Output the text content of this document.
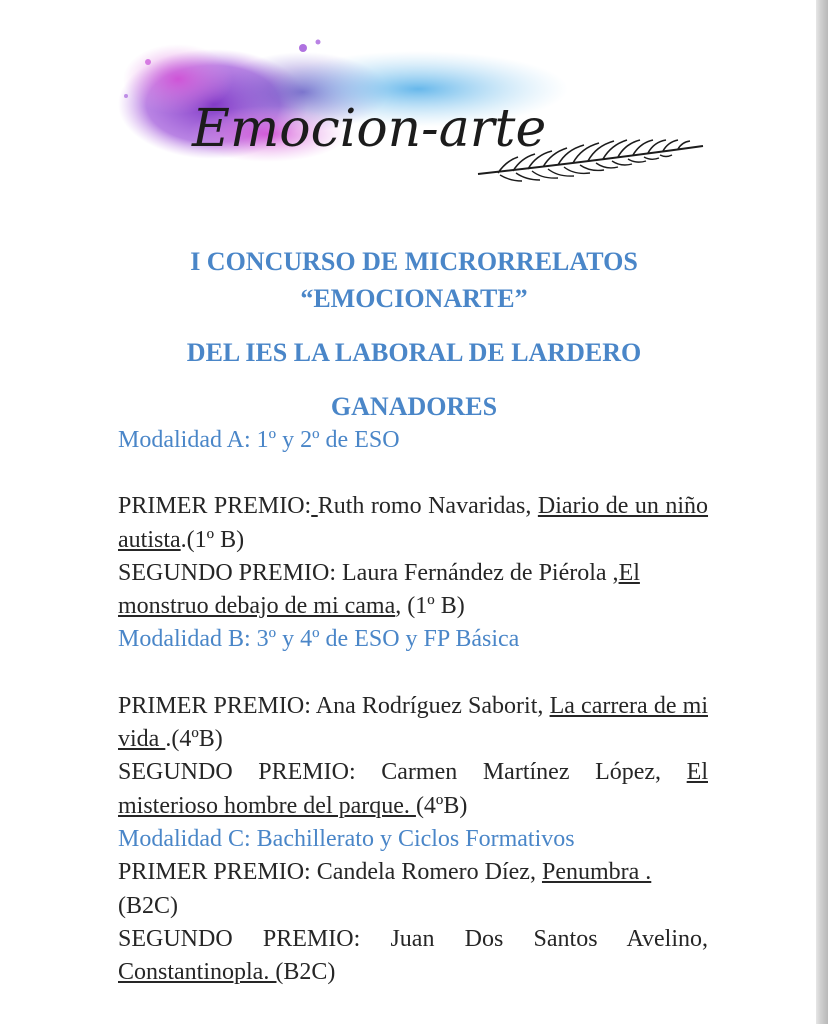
Emocion-arte
I CONCURSO DE MICRORRELATOS
“EMOCIONARTE”
DEL IES LA LABORAL DE LARDERO
GANADORES

Modalidad A: 1º y 2º de ESO

PRIMER PREMIO: Ruth romo Navaridas, Diario de un niño autista.(1º B)

SEGUNDO PREMIO: Laura Fernández de Piérola ,El monstruo debajo de mi cama, (1º B)

Modalidad B: 3º y 4º de ESO y FP Básica

PRIMER PREMIO: Ana Rodríguez Saborit, La carrera de mi vida .(4ºB)

SEGUNDO PREMIO: Carmen Martínez López, El misterioso hombre del parque. (4ºB)

Modalidad C: Bachillerato y Ciclos Formativos

PRIMER PREMIO: Candela Romero Díez, Penumbra .(B2C)

SEGUNDO PREMIO: Juan Dos Santos Avelino, Constantinopla. (B2C)
